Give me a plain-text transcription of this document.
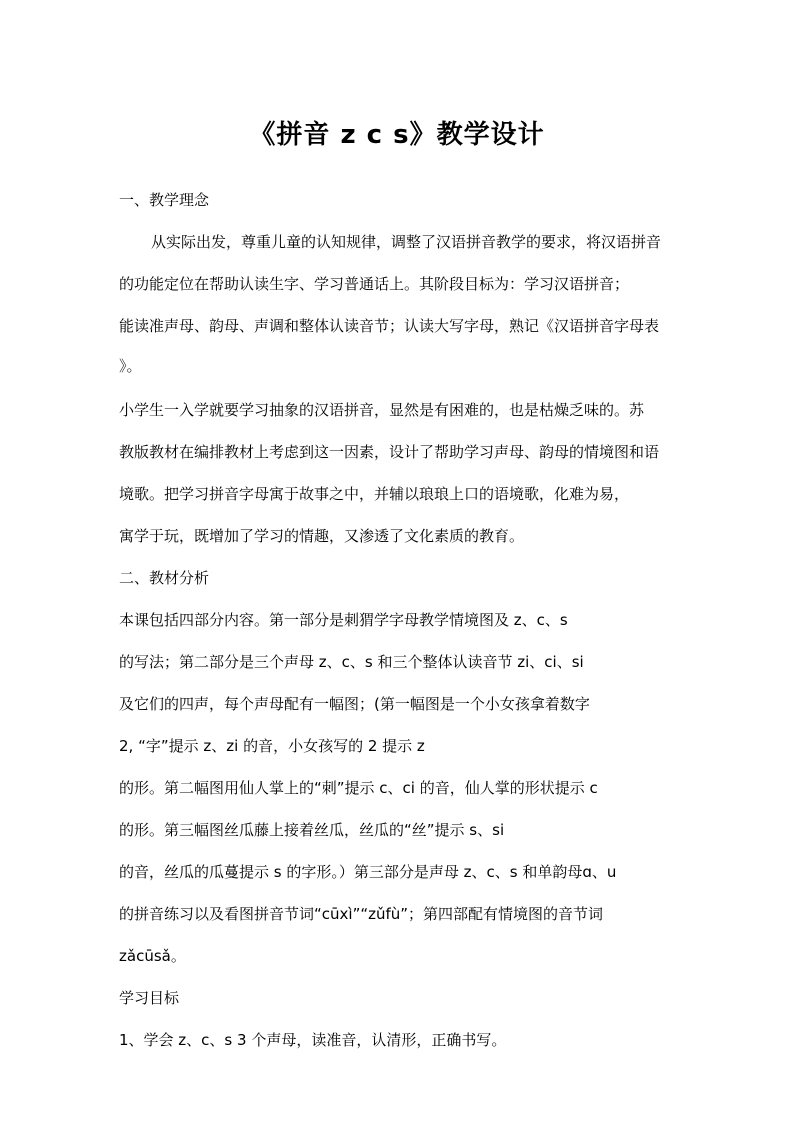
《拼音 z c s》教学设计
一、教学理念
从实际出发，尊重儿童的认知规律，调整了汉语拼音教学的要求，将汉语拼音
的功能定位在帮助认读生字、学习普通话上。其阶段目标为：学习汉语拼音；
能读准声母、韵母、声调和整体认读音节；认读大写字母，熟记《汉语拼音字母表
》。
小学生一入学就要学习抽象的汉语拼音，显然是有困难的，也是枯燥乏味的。苏
教版教材在编排教材上考虑到这一因素，设计了帮助学习声母、韵母的情境图和语
境歌。把学习拼音字母寓于故事之中，并辅以琅琅上口的语境歌，化难为易，
寓学于玩，既增加了学习的情趣，又渗透了文化素质的教育。
二、教材分析
本课包括四部分内容。第一部分是刺猬学字母教学情境图及 z、c、s
的写法；第二部分是三个声母 z、c、s 和三个整体认读音节 zi、ci、si
及它们的四声，每个声母配有一幅图；(第一幅图是一个小女孩拿着数字
2, “字”提示 z、zi 的音，小女孩写的 2 提示 z
的形。第二幅图用仙人掌上的“刺”提示 c、ci 的音，仙人掌的形状提示 c
的形。第三幅图丝瓜藤上接着丝瓜，丝瓜的“丝”提示 s、si
的音，丝瓜的瓜蔓提示 s 的字形。）第三部分是声母 z、c、s 和单韵母ɑ、u
的拼音练习以及看图拼音节词“cūxì”“zǔfù”；第四部配有情境图的音节词
zǎcūsǎ。
学习目标
1、学会 z、c、s 3 个声母，读准音，认清形，正确书写。
